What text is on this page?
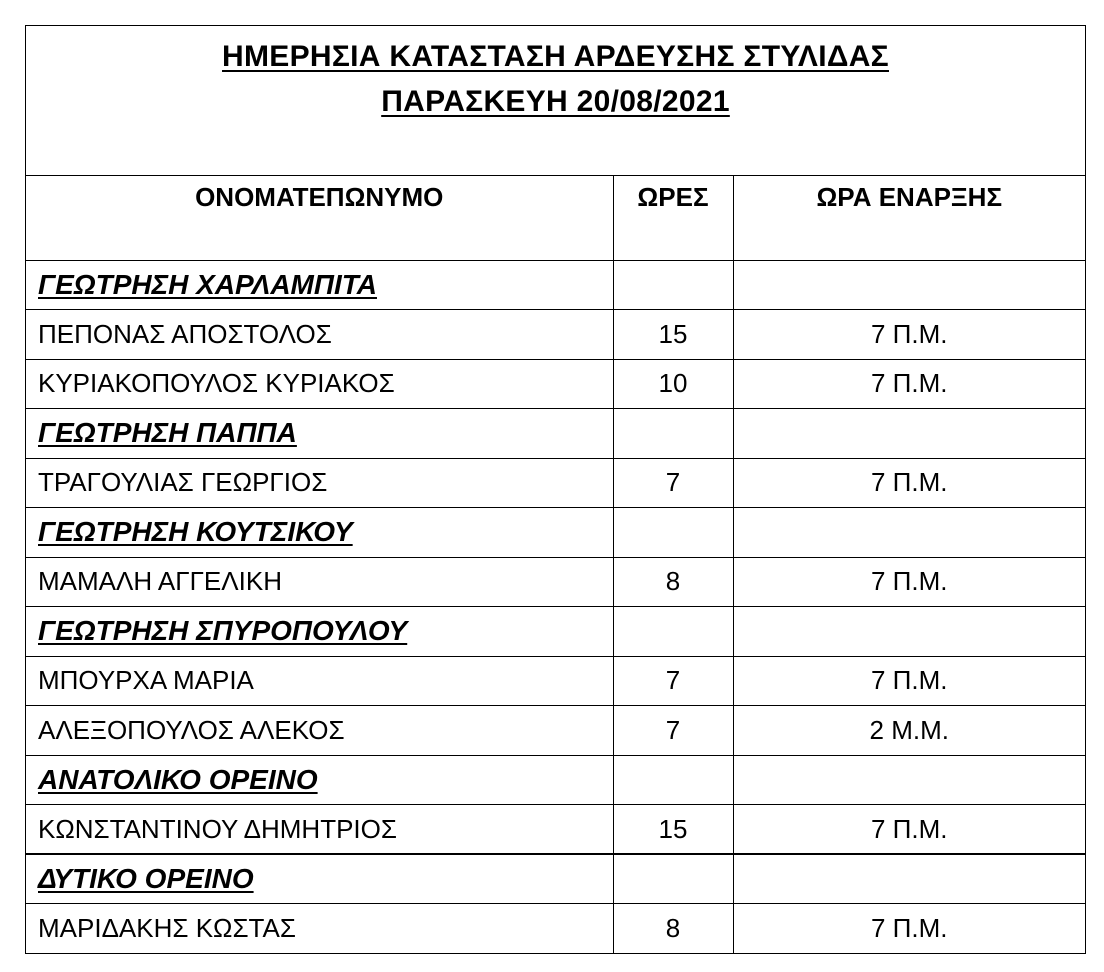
ΗΜΕΡΗΣΙΑ ΚΑΤΑΣΤΑΣΗ ΑΡΔΕΥΣΗΣ ΣΤΥΛΙΔΑΣ
ΠΑΡΑΣΚΕΥΗ 20/08/2021
ΟΝΟΜΑΤΕΠΩΝΥΜΟ	ΩΡΕΣ	ΩΡΑ ΕΝΑΡΞΗΣ
ΓΕΩΤΡΗΣΗ ΧΑΡΛΑΜΠΙΤΑ		
ΠΕΠΟΝΑΣ ΑΠΟΣΤΟΛΟΣ	15	7 Π.Μ.
ΚΥΡΙΑΚΟΠΟΥΛΟΣ ΚΥΡΙΑΚΟΣ	10	7 Π.Μ.
ΓΕΩΤΡΗΣΗ ΠΑΠΠΑ		
ΤΡΑΓΟΥΛΙΑΣ ΓΕΩΡΓΙΟΣ	7	7 Π.Μ.
ΓΕΩΤΡΗΣΗ ΚΟΥΤΣΙΚΟΥ		
ΜΑΜΑΛΗ ΑΓΓΕΛΙΚΗ	8	7 Π.Μ.
ΓΕΩΤΡΗΣΗ ΣΠΥΡΟΠΟΥΛΟΥ		
ΜΠΟΥΡΧΑ ΜΑΡΙΑ	7	7 Π.Μ.
ΑΛΕΞΟΠΟΥΛΟΣ ΑΛΕΚΟΣ	7	2 Μ.Μ.
ΑΝΑΤΟΛΙΚΟ ΟΡΕΙΝΟ		
ΚΩΝΣΤΑΝΤΙΝΟΥ ΔΗΜΗΤΡΙΟΣ	15	7 Π.Μ.
ΔΥΤΙΚΟ ΟΡΕΙΝΟ		
ΜΑΡΙΔΑΚΗΣ ΚΩΣΤΑΣ	8	7 Π.Μ.
